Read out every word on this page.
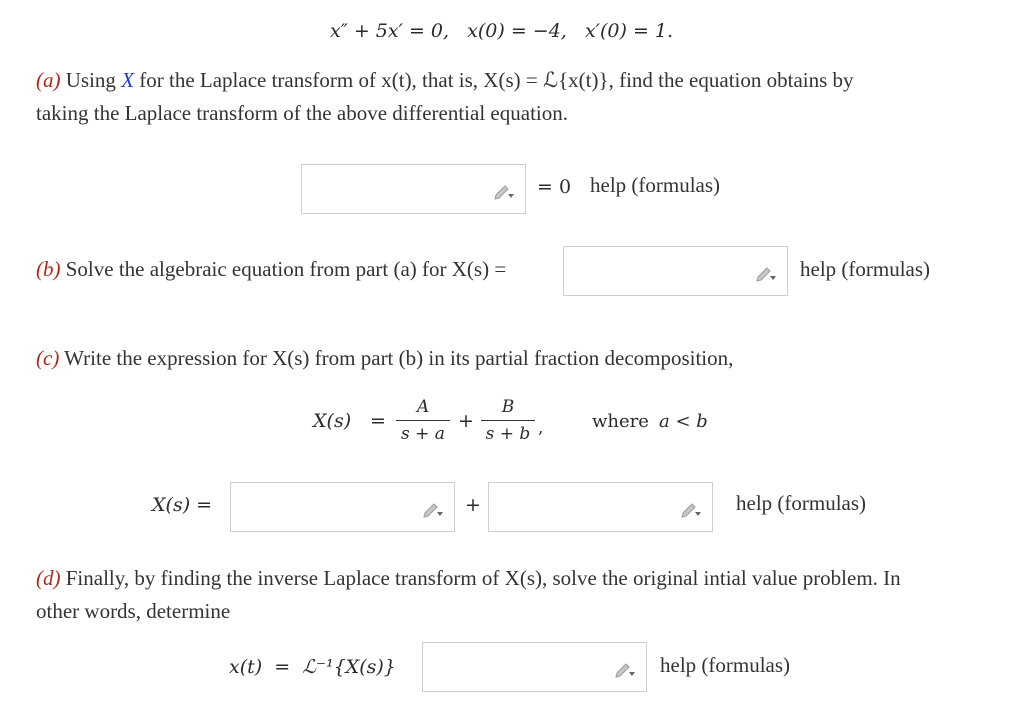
x″ + 5x′ = 0,   x(0) = −4,   x′(0) = 1.
(a) Using X for the Laplace transform of x(t), that is, X(s) = ℒ{x(t)}, find the equation obtains by
taking the Laplace transform of the above differential equation.
= 0 help (formulas)
(b) Solve the algebraic equation from part (a) for X(s) =	help (formulas)
(c) Write the expression for X(s) from part (b) in its partial fraction decomposition,
X(s) =
A
s + a
+
B
s + b ,	where a < b
X(s) =	+	help (formulas)
(d) Finally, by finding the inverse Laplace transform of X(s), solve the original intial value problem. In
other words, determine
x(t)  =  ℒ⁻¹{X(s)}	help (formulas)
